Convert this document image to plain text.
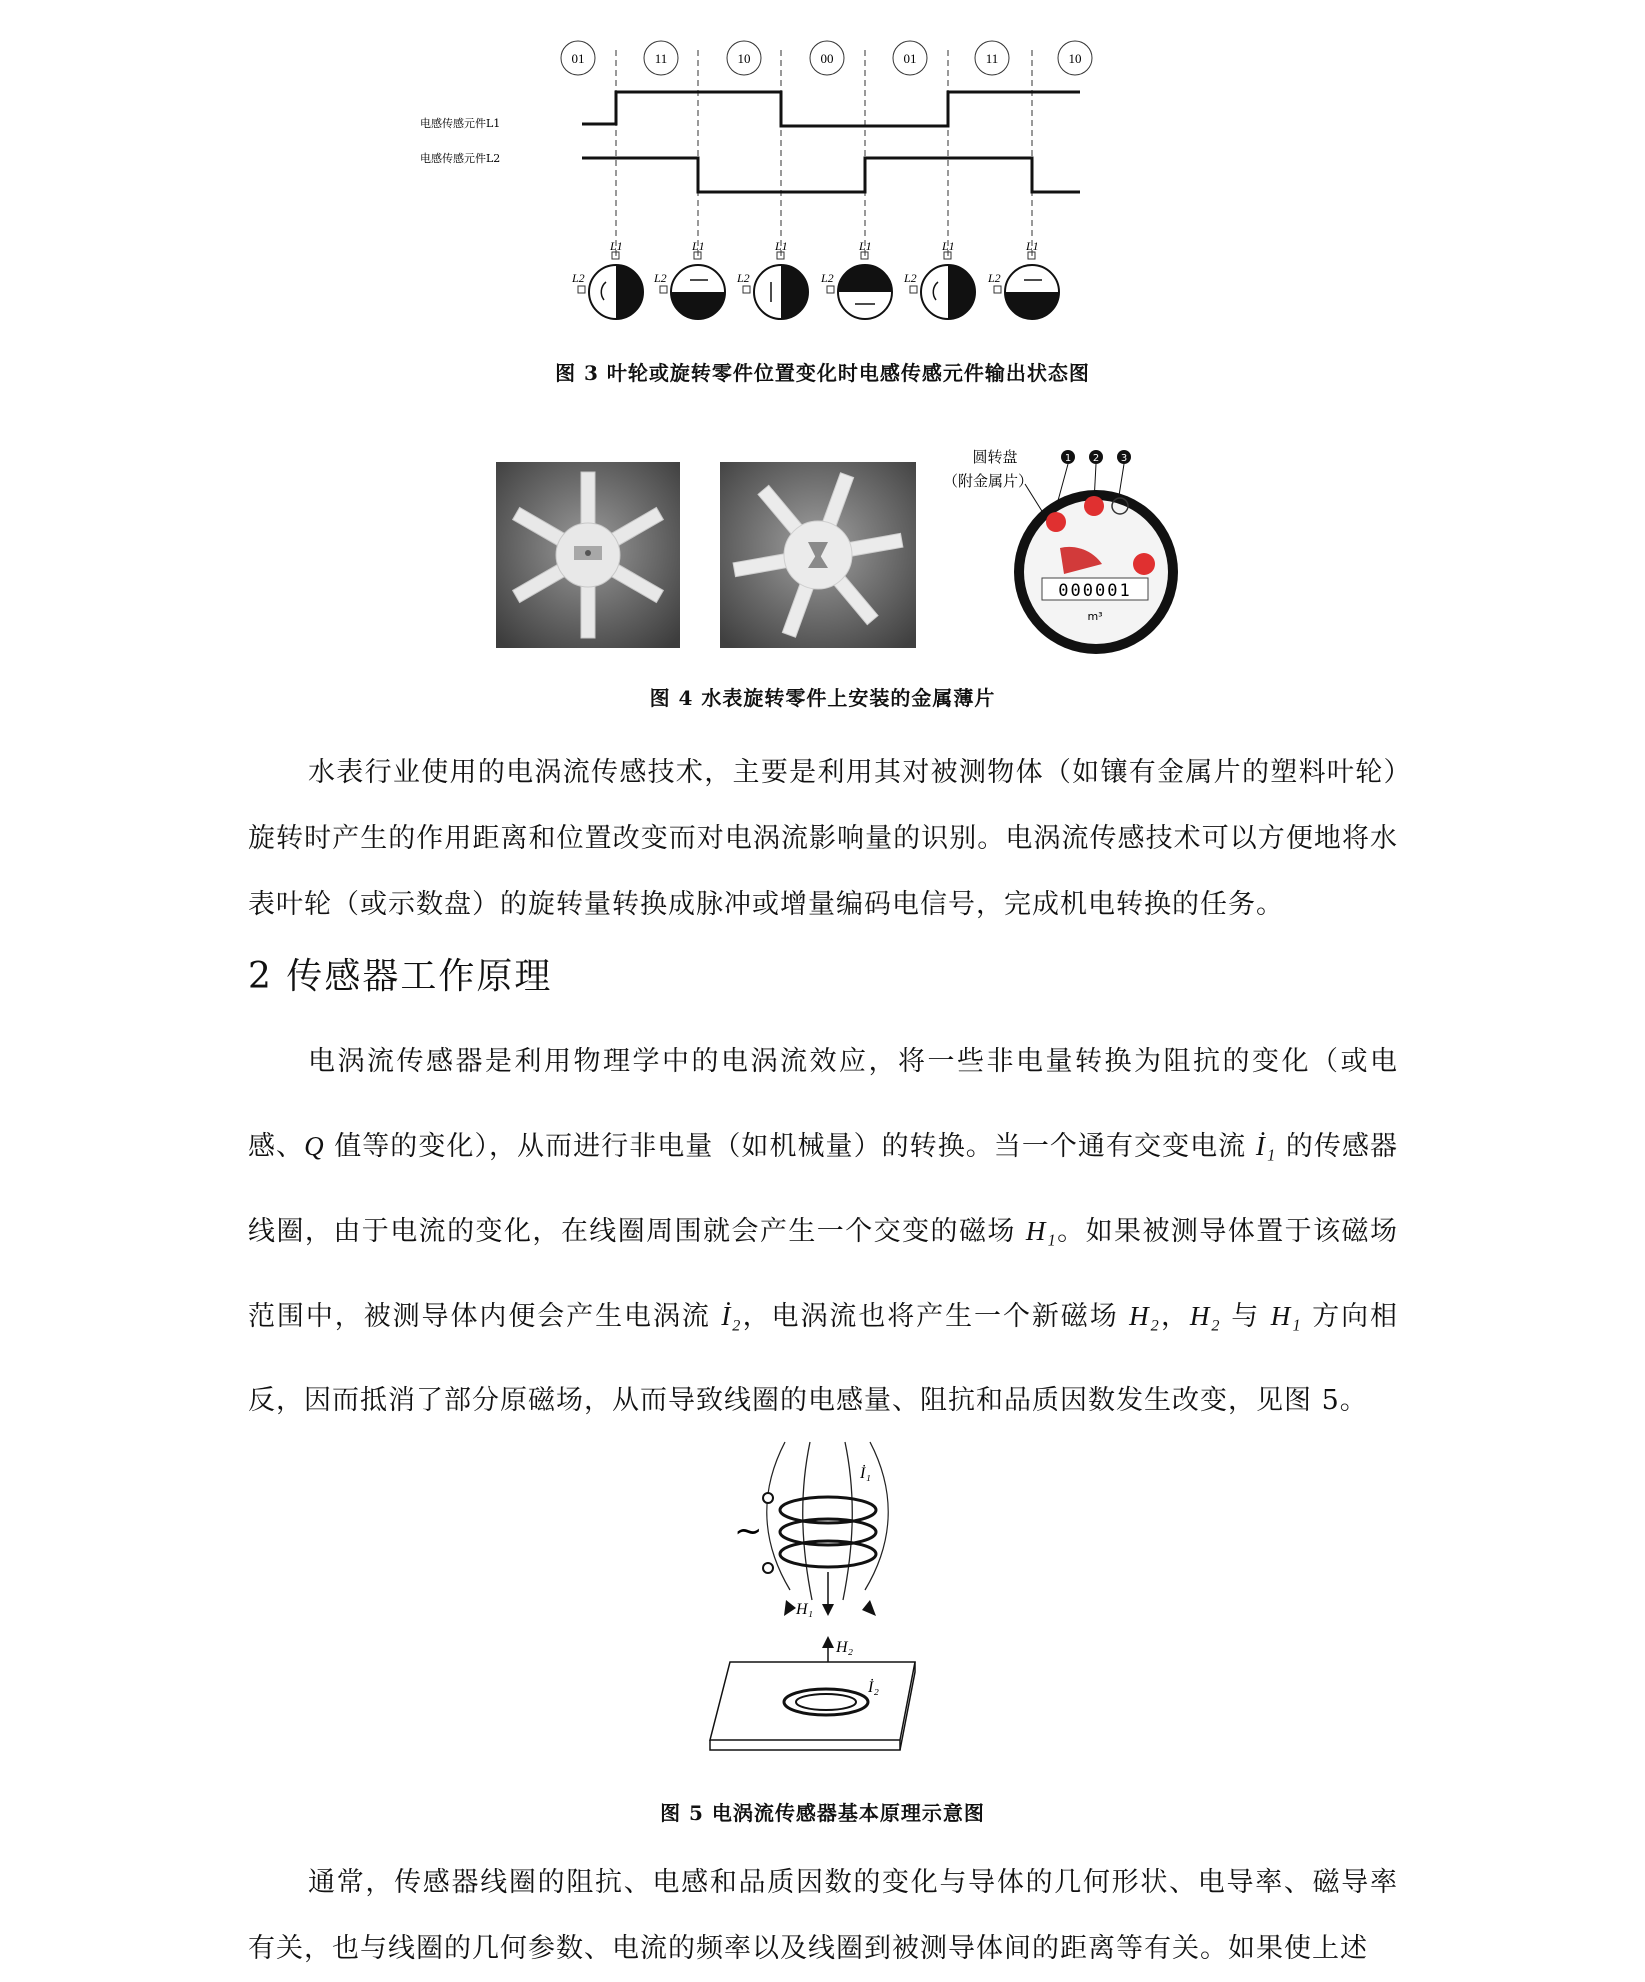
01	11	10	00	01	11	10
电感传感元件L1
电感传感元件L2
L1
L2
L1
L2
L1
L2
L1
L2
L1
L2
L1
L2
图 3 叶轮或旋转零件位置变化时电感传感元件输出状态图
圆转盘
（附金属片）
1 2 3
000001
m³
图 4 水表旋转零件上安装的金属薄片

水表行业使用的电涡流传感技术，主要是利用其对被测物体（如镶有金属片的塑料叶轮）旋转时产生的作用距离和位置改变而对电涡流影响量的识别。电涡流传感技术可以方便地将水表叶轮（或示数盘）的旋转量转换成脉冲或增量编码电信号，完成机电转换的任务。

2 传感器工作原理

电涡流传感器是利用物理学中的电涡流效应，将一些非电量转换为阻抗的变化（或电感、Q 值等的变化），从而进行非电量（如机械量）的转换。当一个通有交变电流 İ₁ 的传感器线圈，由于电流的变化，在线圈周围就会产生一个交变的磁场 H₁。如果被测导体置于该磁场范围中，被测导体内便会产生电涡流 İ₂，电涡流也将产生一个新磁场 H₂，H₂ 与 H₁ 方向相反，因而抵消了部分原磁场，从而导致线圈的电感量、阻抗和品质因数发生改变，见图 5。

~
İ₁
H₁
H₂
İ₂
图 5 电涡流传感器基本原理示意图

通常，传感器线圈的阻抗、电感和品质因数的变化与导体的几何形状、电导率、磁导率有关，也与线圈的几何参数、电流的频率以及线圈到被测导体间的距离等有关。如果使上述
